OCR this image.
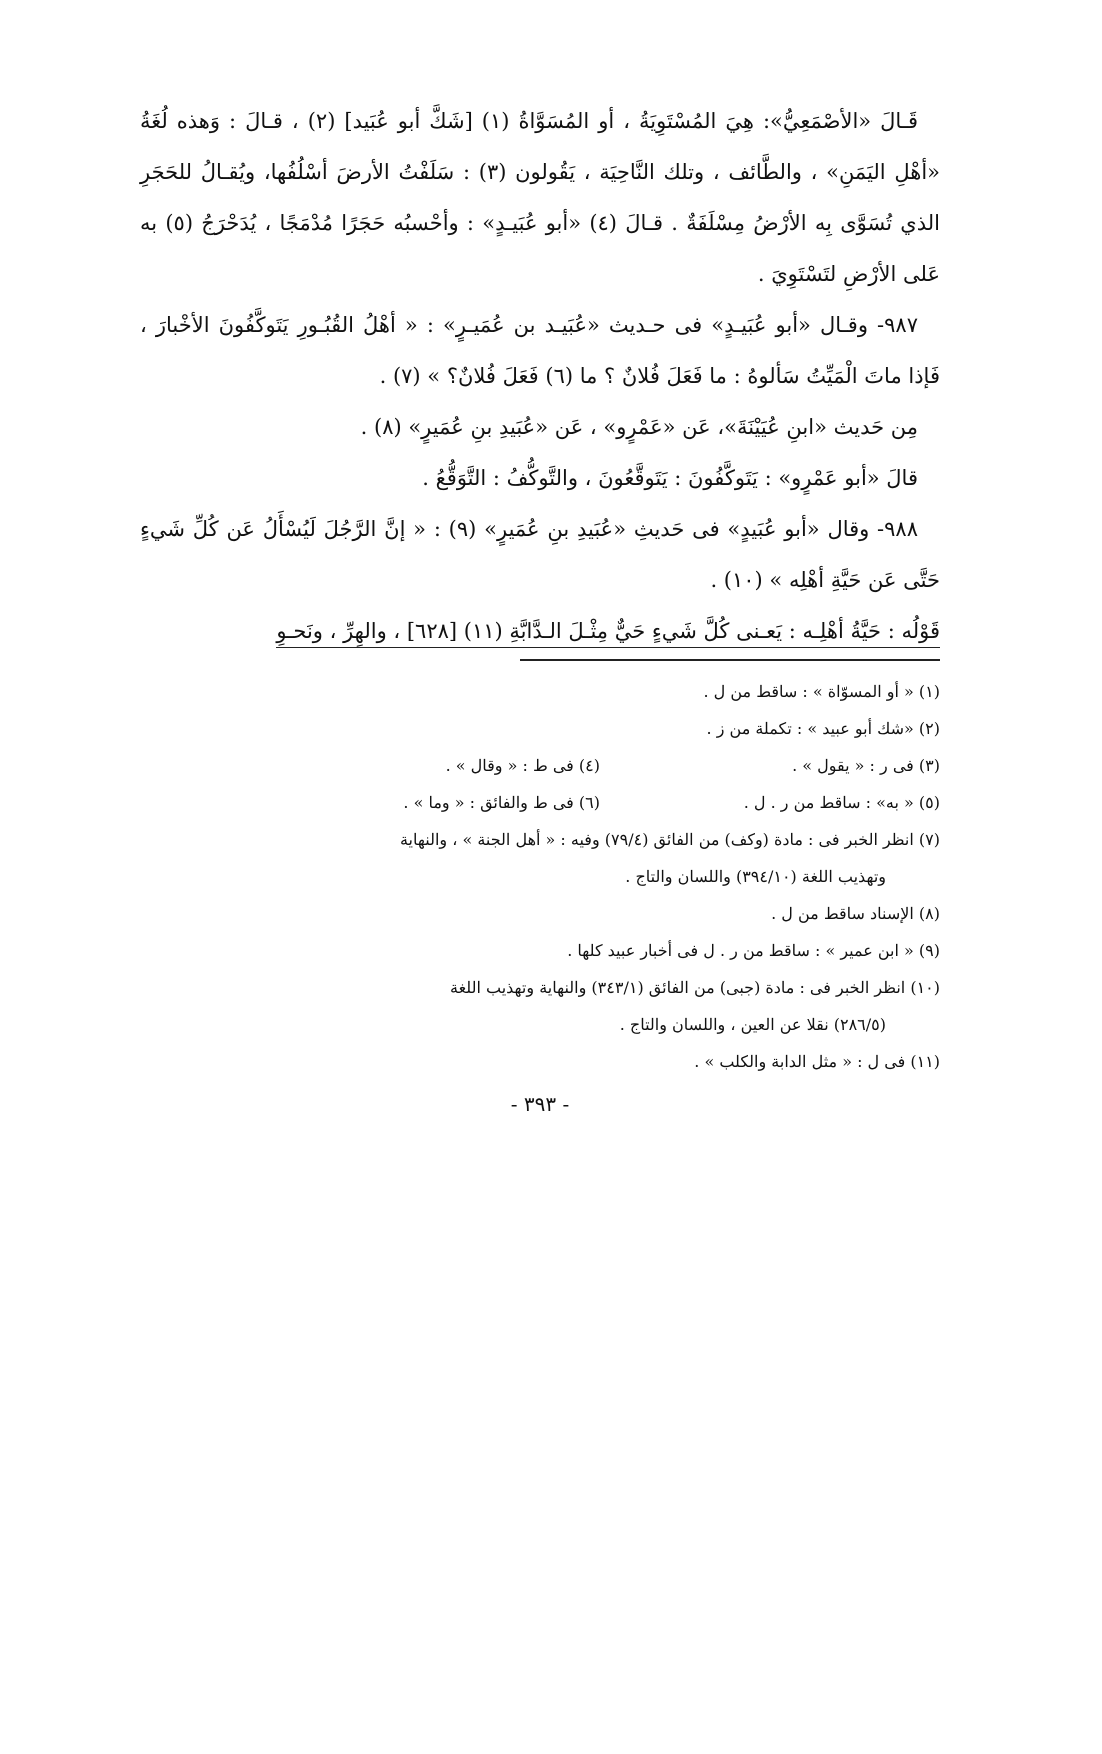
قَـالَ «الأصْمَعِيُّ»: هِيَ المُسْتَوِيَةُ ، أو المُسَوَّاةُ (١) [شَكَّ أبو عُبَيد] (٢) ، قـالَ : وَهذه لُغَةُ «أهْلِ اليَمَنِ» ، والطَّائف ، وتلك النَّاحِيَة ، يَقُولون (٣) : سَلَفْتُ الأرضَ أسْلُفُها، ويُقـالُ للحَجَرِ الذي تُسَوَّى بِه الأرْضُ مِسْلَفَةٌ . قـالَ (٤) «أبو عُبَيـدٍ» : وأحْسبُه حَجَرًا مُدْمَجًا ، يُدَحْرَجُ (٥) به عَلى الأرْضِ لتَسْتَوِيَ .

٩٨٧- وقـال «أبو عُبَيـدٍ» فى حـديث «عُبَيـد بن عُمَيـرٍ» : « أهْلُ القُبُـورِ يَتَوكَّفُونَ الأخْبارَ ، فَإذا ماتَ الْمَيِّتُ سَألوهُ : ما فَعَلَ فُلانٌ ؟ ما (٦) فَعَلَ فُلانٌ؟ » (٧) .

مِن حَديث «ابنِ عُيَيْنَةَ»، عَن «عَمْرٍو» ، عَن «عُبَيدِ بنِ عُمَيرٍ» (٨) .

قالَ «أبو عَمْرٍو» : يَتَوكَّفُونَ : يَتَوقَّعُونَ ، والتَّوكُّفُ : التَّوَقُّعُ .

٩٨٨- وقال «أبو عُبَيدٍ» فى حَديثِ «عُبَيدِ بنِ عُمَيرٍ» (٩) : « إنَّ الرَّجُلَ لَيُسْأَلُ عَن كُلِّ شَيءٍ حَتَّى عَن حَيَّةِ أهْلِه » (١٠) .

قَوْلُه : حَيَّةُ أهْلِـه : يَعـنى كُلَّ شَيءٍ حَيٌّ مِثْـلَ الـدَّابَّةِ (١١) [٦٢٨] ، والهِرِّ ، ونَحـوِ

(١) « أو المسوّاة » : ساقط من ل .

(٢) «شك أبو عبيد » : تكملة من ز .

(٣) فى ر : « يقول » .

(٤) فى ط : « وقال » .

(٥) « به» : ساقط من ر . ل .

(٦) فى ط والفائق : « وما » .

(٧) انظر الخبر فى : مادة (وكف) من الفائق (٧٩/٤) وفيه : « أهل الجنة » ، والنهاية

وتهذيب اللغة (٣٩٤/١٠) واللسان والتاج .

(٨) الإسناد ساقط من ل .

(٩) « ابن عمير » : ساقط من ر . ل فى أخبار عبيد كلها .

(١٠) انظر الخبر فى : مادة (جبى) من الفائق (٣٤٣/١) والنهاية وتهذيب اللغة

(٢٨٦/٥) نقلا عن العين ، واللسان والتاج .

(١١) فى ل : « مثل الدابة والكلب » .

- ٣٩٣ -
